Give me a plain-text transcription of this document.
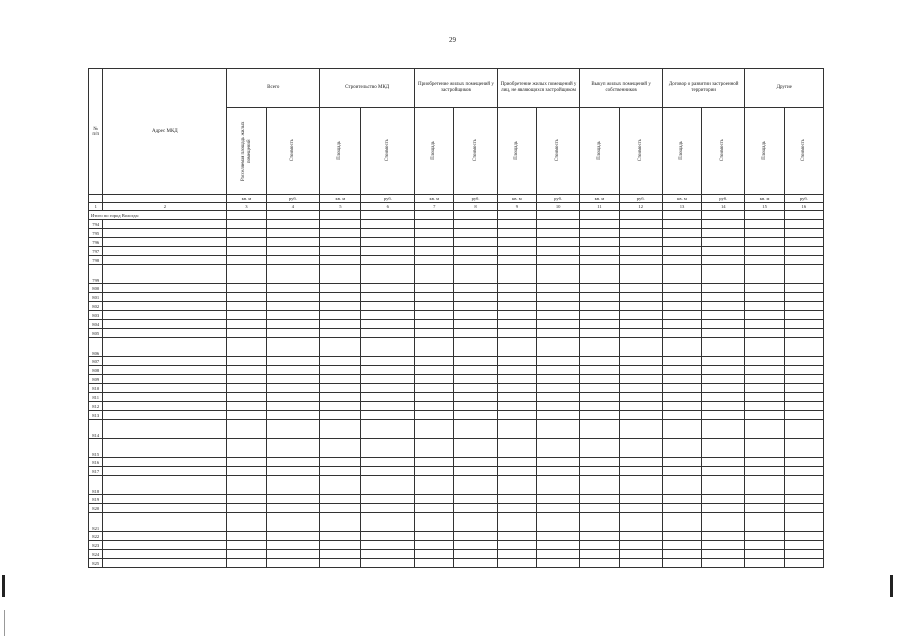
29
№ п/п	Адрес МКД	Всего		Строительство МКД		Приобретение жилых помещений у застройщиков		Приобретение жилых помещений у лиц, не являющихся застройщиком		Выкуп жилых помещений у собственников		Договор о развитии застроенной территории		Другие	
		Расселяемая площадь жилых помещений	Стоимость	Площадь	Стоимость	Площадь	Стоимость	Площадь	Стоимость	Площадь	Стоимость	Площадь	Стоимость	Площадь	Стоимость
		кв. м	руб.	кв. м	руб.	кв. м	руб.	кв. м	руб.	кв. м	руб.	кв. м	руб.	кв. м	руб.
1	2	3	4	5	6	7	8	9	10	11	12	13	14	15	16
Итого по город Вологда:															
794															
795															
796															
797															
798															
799															
800															
801															
802															
803															
804															
805															
806															
807															
808															
809															
810															
811															
812															
813															
814															
815															
816															
817															
818															
819															
820															
821															
822															
823															
824															
825															
